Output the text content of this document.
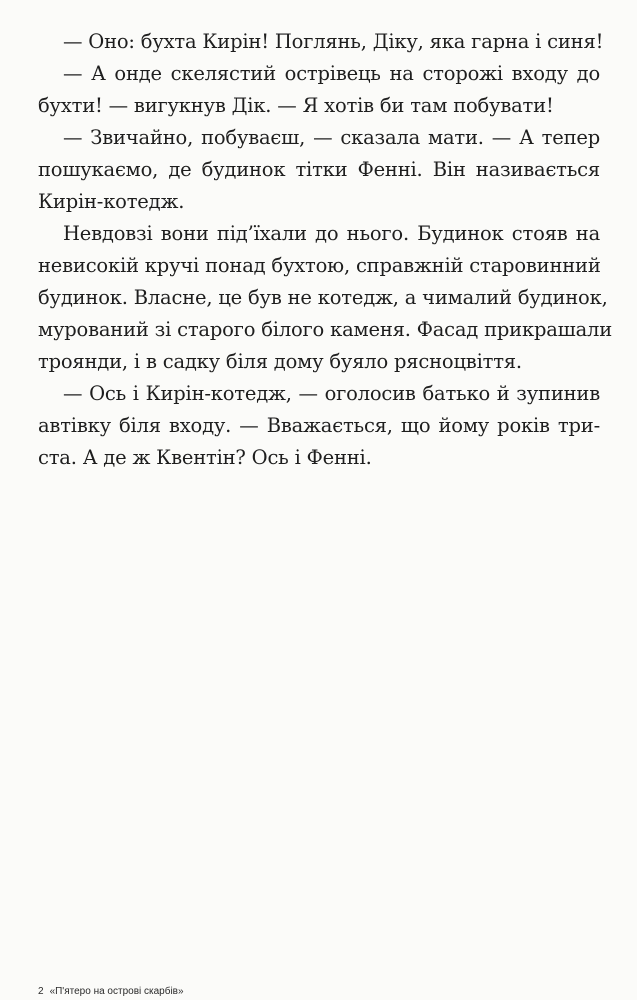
— Оно: бухта Кирін! Поглянь, Діку, яка гарна і синя!
— А онде скелястий острівець на сторожі входу до
бухти! — вигукнув Дік. — Я хотів би там побувати!
— Звичайно, побуваєш, — сказала мати. — А тепер
пошукаємо, де будинок тітки Фенні. Він називається
Кирін-котедж.
Невдовзі вони під’їхали до нього. Будинок стояв на
невисокій кручі понад бухтою, справжній старовинний
будинок. Власне, це був не котедж, а чималий будинок,
мурований зі старого білого каменя. Фасад прикрашали
троянди, і в садку біля дому буяло рясноцвіття.
— Ось і Кирін-котедж, — оголосив батько й зупинив
автівку біля входу. — Вважається, що йому років три-
ста. А де ж Квентін? Ось і Фенні.
2 «П'ятеро на острові скарбів»
